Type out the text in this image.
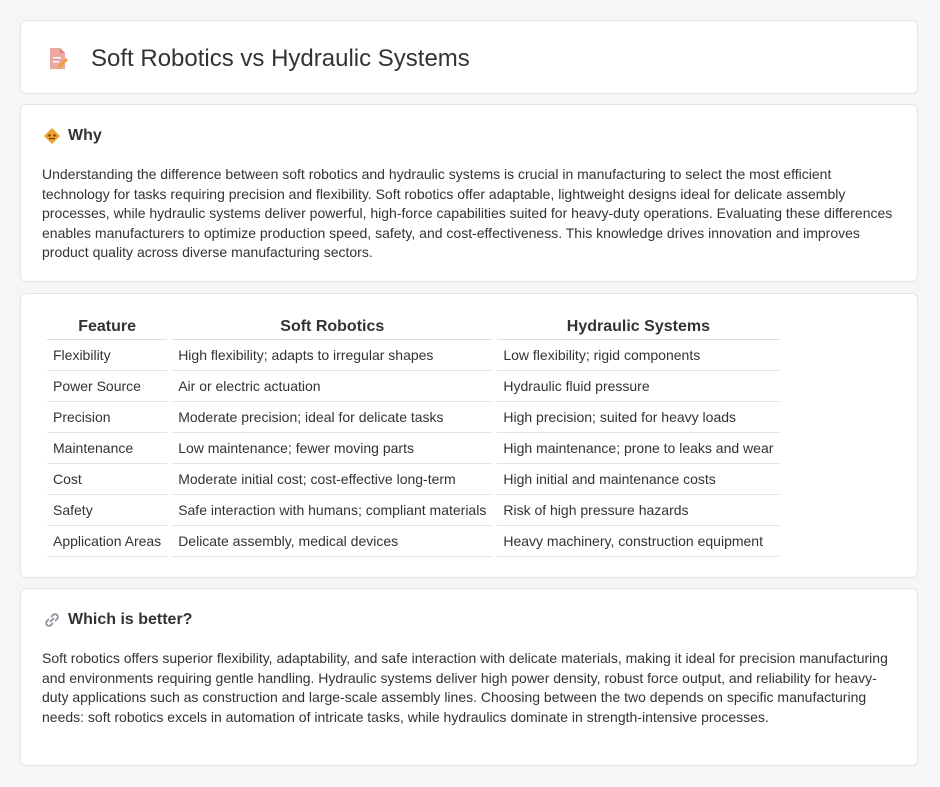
Soft Robotics vs Hydraulic Systems
Why

Understanding the difference between soft robotics and hydraulic systems is crucial in manufacturing to select the most efficient technology for tasks requiring precision and flexibility. Soft robotics offer adaptable, lightweight designs ideal for delicate assembly processes, while hydraulic systems deliver powerful, high-force capabilities suited for heavy-duty operations. Evaluating these differences enables manufacturers to optimize production speed, safety, and cost-effectiveness. This knowledge drives innovation and improves product quality across diverse manufacturing sectors.

Feature	Soft Robotics	Hydraulic Systems
Flexibility	High flexibility; adapts to irregular shapes	Low flexibility; rigid components
Power Source	Air or electric actuation	Hydraulic fluid pressure
Precision	Moderate precision; ideal for delicate tasks	High precision; suited for heavy loads
Maintenance	Low maintenance; fewer moving parts	High maintenance; prone to leaks and wear
Cost	Moderate initial cost; cost-effective long-term	High initial and maintenance costs
Safety	Safe interaction with humans; compliant materials	Risk of high pressure hazards
Application Areas	Delicate assembly, medical devices	Heavy machinery, construction equipment
Which is better?

Soft robotics offers superior flexibility, adaptability, and safe interaction with delicate materials, making it ideal for precision manufacturing and environments requiring gentle handling. Hydraulic systems deliver high power density, robust force output, and reliability for heavy-duty applications such as construction and large-scale assembly lines. Choosing between the two depends on specific manufacturing needs: soft robotics excels in automation of intricate tasks, while hydraulics dominate in strength-intensive processes.
